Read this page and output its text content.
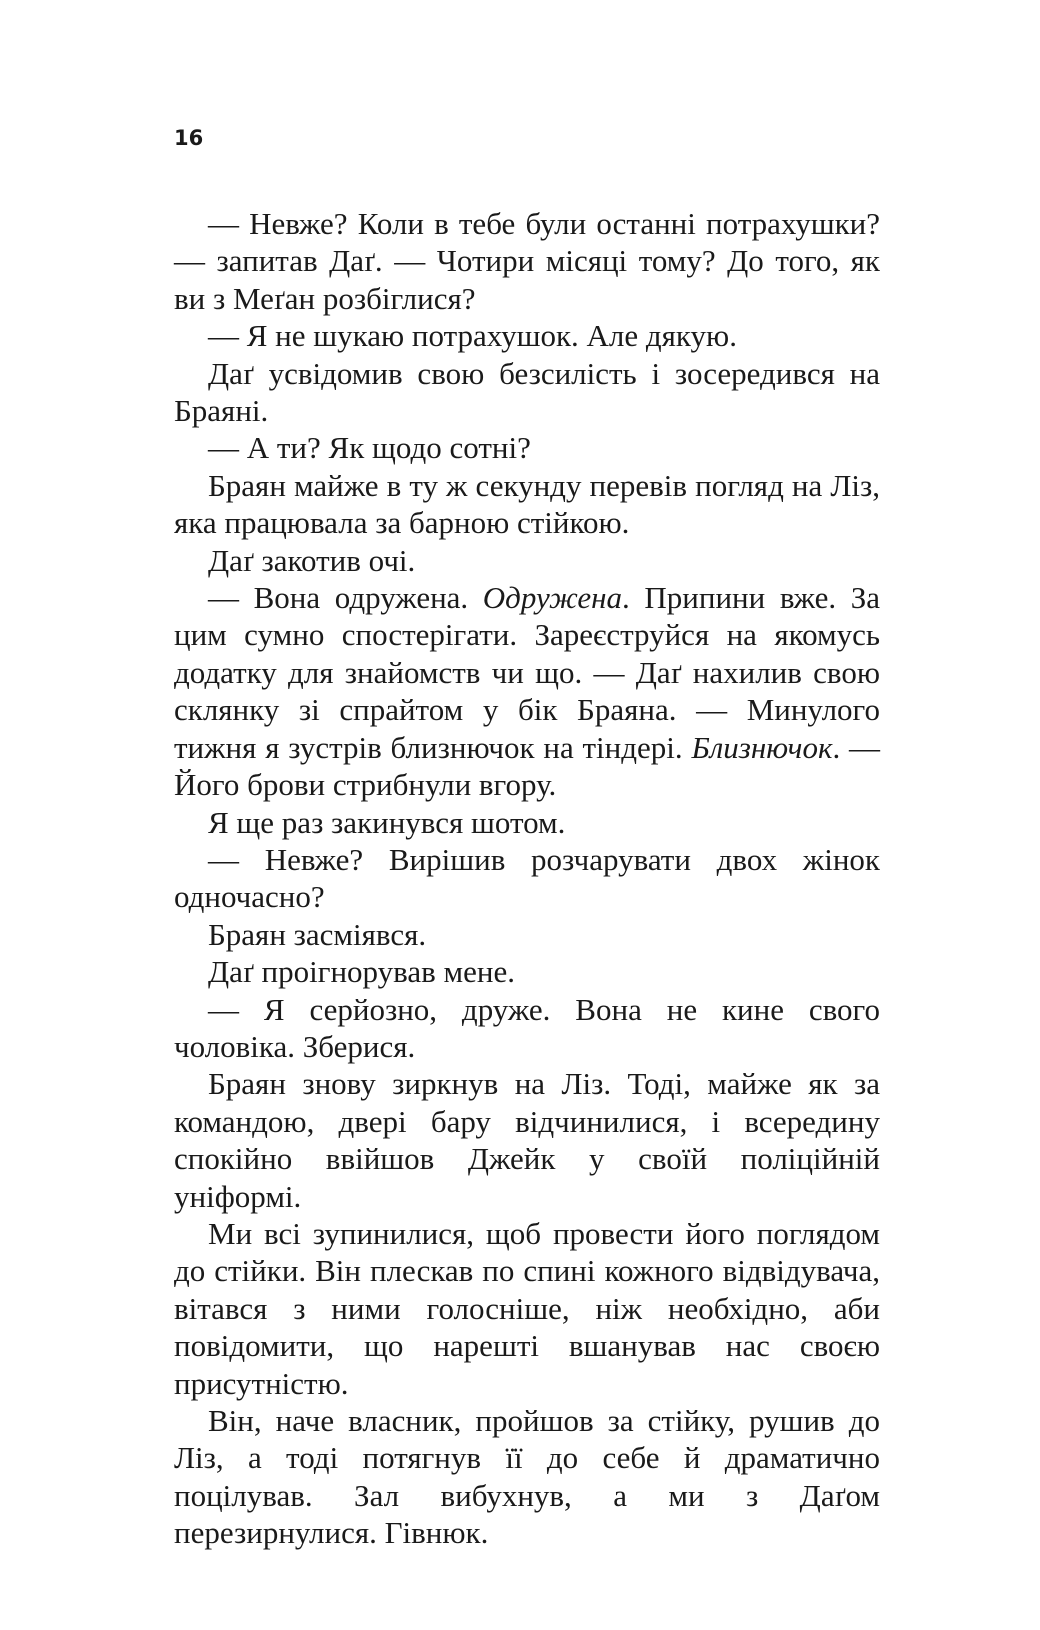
16

— Невже? Коли в тебе були останні потрахушки? — запитав Даґ. — Чотири місяці тому? До того, як ви з Меґан розбіглися?

— Я не шукаю потрахушок. Але дякую.

Даґ усвідомив свою безсилість і зосередився на Браяні.

— А ти? Як щодо сотні?

Браян майже в ту ж секунду перевів погляд на Ліз, яка працювала за барною стійкою.

Даґ закотив очі.

— Вона одружена. Одружена. Припини вже. За цим сумно спостерігати. Зареєструйся на якомусь додатку для знайомств чи що. — Даґ нахилив свою склянку зі спрайтом у бік Браяна. — Минулого тижня я зустрів близнючок на тіндері. Близнючок. — Його брови стрибнули вгору.

Я ще раз закинувся шотом.

— Невже? Вирішив розчарувати двох жінок одночасно?

Браян засміявся.

Даґ проігнорував мене.

— Я серйозно, друже. Вона не кине свого чоловіка. Зберися.

Браян знову зиркнув на Ліз. Тоді, майже як за командою, двері бару відчинилися, і всередину спокійно ввійшов Джейк у своїй поліційній уніформі.

Ми всі зупинилися, щоб провести його поглядом до стійки. Він плескав по спині кожного відвідувача, вітався з ними голосніше, ніж необхідно, аби повідомити, що нарешті вшанував нас своєю присутністю.

Він, наче власник, пройшов за стійку, рушив до Ліз, а тоді потягнув її до себе й драматично поцілував. Зал вибухнув, а ми з Даґом перезирнулися. Гівнюк.
